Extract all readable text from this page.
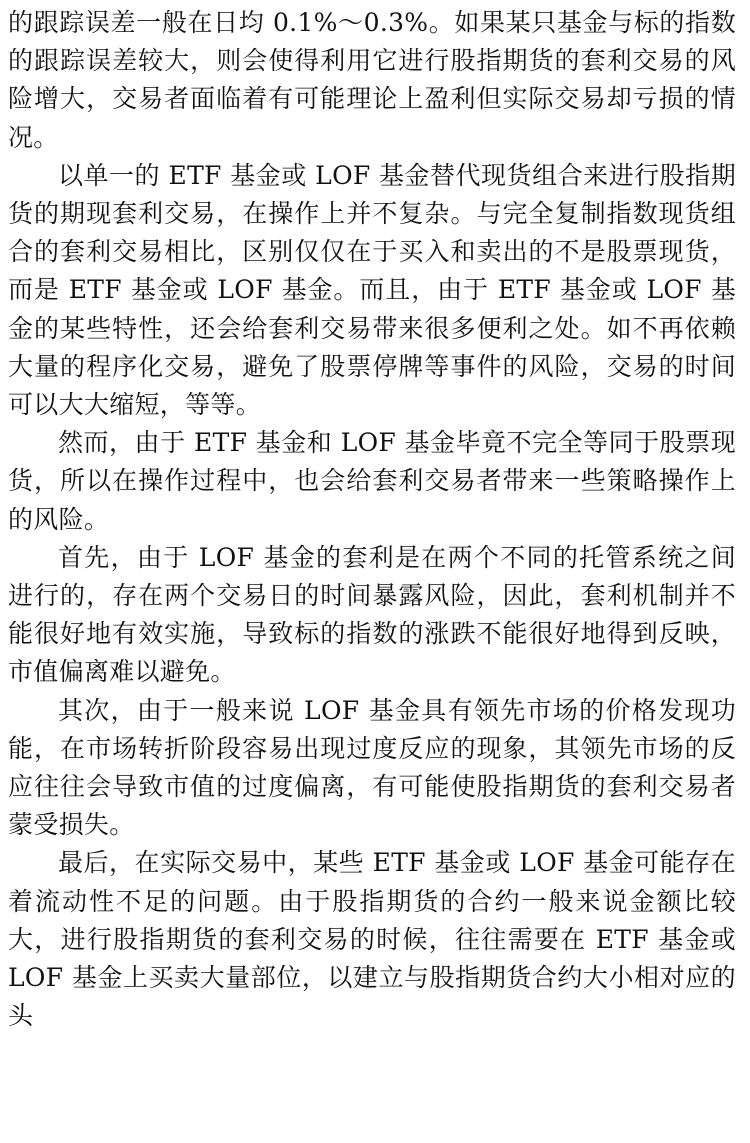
的跟踪误差一般在日均 0.1%～0.3%。如果某只基金与标的指数的跟踪误差较大，则会使得利用它进行股指期货的套利交易的风险增大，交易者面临着有可能理论上盈利但实际交易却亏损的情况。

以单一的 ETF 基金或 LOF 基金替代现货组合来进行股指期货的期现套利交易，在操作上并不复杂。与完全复制指数现货组合的套利交易相比，区别仅仅在于买入和卖出的不是股票现货，而是 ETF 基金或 LOF 基金。而且，由于 ETF 基金或 LOF 基金的某些特性，还会给套利交易带来很多便利之处。如不再依赖大量的程序化交易，避免了股票停牌等事件的风险，交易的时间可以大大缩短，等等。

然而，由于 ETF 基金和 LOF 基金毕竟不完全等同于股票现货，所以在操作过程中，也会给套利交易者带来一些策略操作上的风险。

首先，由于 LOF 基金的套利是在两个不同的托管系统之间进行的，存在两个交易日的时间暴露风险，因此，套利机制并不能很好地有效实施，导致标的指数的涨跌不能很好地得到反映，市值偏离难以避免。

其次，由于一般来说 LOF 基金具有领先市场的价格发现功能，在市场转折阶段容易出现过度反应的现象，其领先市场的反应往往会导致市值的过度偏离，有可能使股指期货的套利交易者蒙受损失。

最后，在实际交易中，某些 ETF 基金或 LOF 基金可能存在着流动性不足的问题。由于股指期货的合约一般来说金额比较大，进行股指期货的套利交易的时候，往往需要在 ETF 基金或 LOF 基金上买卖大量部位，以建立与股指期货合约大小相对应的头
